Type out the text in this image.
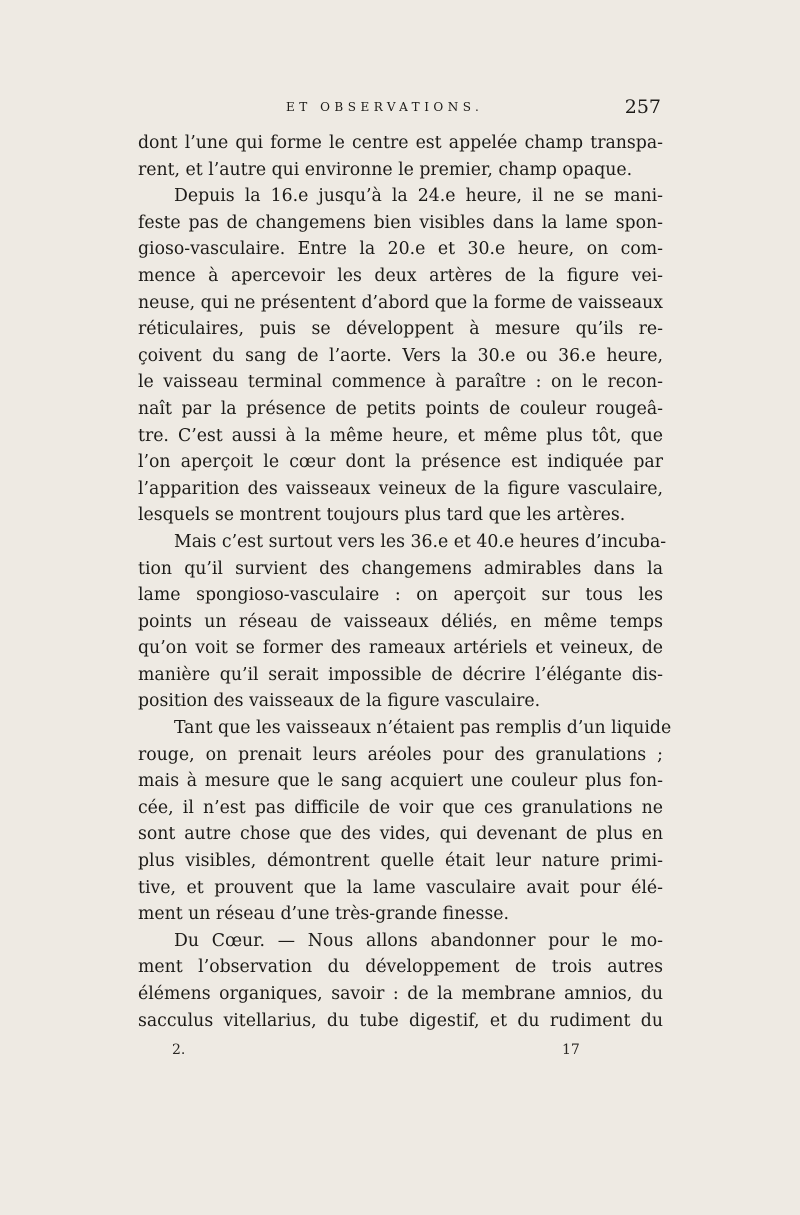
ET OBSERVATIONS.	257
dont l’une qui forme le centre est appelée champ transpa-
rent, et l’autre qui environne le premier, champ opaque.
Depuis la 16.e jusqu’à la 24.e heure, il ne se mani-
feste pas de changemens bien visibles dans la lame spon-
gioso-vasculaire. Entre la 20.e et 30.e heure, on com-
mence à apercevoir les deux artères de la figure vei-
neuse, qui ne présentent d’abord que la forme de vaisseaux
réticulaires, puis se développent à mesure qu’ils re-
çoivent du sang de l’aorte. Vers la 30.e ou 36.e heure,
le vaisseau terminal commence à paraître : on le recon-
naît par la présence de petits points de couleur rougeâ-
tre. C’est aussi à la même heure, et même plus tôt, que
l’on aperçoit le cœur dont la présence est indiquée par
l’apparition des vaisseaux veineux de la figure vasculaire,
lesquels se montrent toujours plus tard que les artères.
Mais c’est surtout vers les 36.e et 40.e heures d’incuba-
tion qu’il survient des changemens admirables dans la
lame spongioso-vasculaire : on aperçoit sur tous les
points un réseau de vaisseaux déliés, en même temps
qu’on voit se former des rameaux artériels et veineux, de
manière qu’il serait impossible de décrire l’élégante dis-
position des vaisseaux de la figure vasculaire.
Tant que les vaisseaux n’étaient pas remplis d’un liquide
rouge, on prenait leurs aréoles pour des granulations ;
mais à mesure que le sang acquiert une couleur plus fon-
cée, il n’est pas difficile de voir que ces granulations ne
sont autre chose que des vides, qui devenant de plus en
plus visibles, démontrent quelle était leur nature primi-
tive, et prouvent que la lame vasculaire avait pour élé-
ment un réseau d’une très-grande finesse.
Du Cœur. — Nous allons abandonner pour le mo-
ment l’observation du développement de trois autres
élémens organiques, savoir : de la membrane amnios, du
sacculus vitellarius, du tube digestif, et du rudiment du
2.	17
